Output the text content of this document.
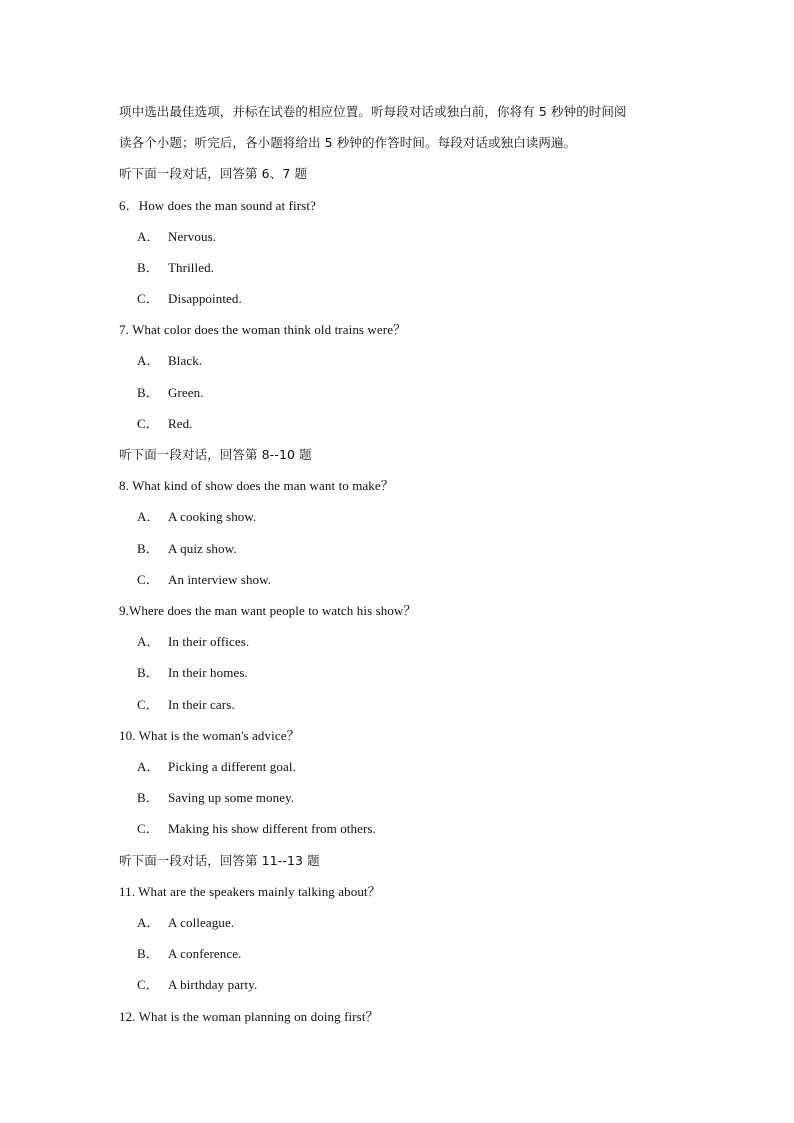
项中选出最佳选项，并标在试卷的相应位置。听每段对话或独白前，你将有 5 秒钟的时间阅
读各个小题；听完后，各小题将给出 5 秒钟的作答时间。每段对话或独白读两遍。
听下面一段对话，回答第 6、7 题
6．How does the man sound at first?
A． Nervous.
B． Thrilled.
C． Disappointed.
7. What color does the woman think old trains were？
A． Black.
B． Green.
C． Red.
听下面一段对话，回答第 8--10 题
8. What kind of show does the man want to make？
A． A cooking show.
B． A quiz show.
C． An interview show.
9.Where does the man want people to watch his show？
A． In their offices.
B． In their homes.
C． In their cars.
10. What is the woman's advice？
A． Picking a different goal.
B． Saving up some money.
C． Making his show different from others.
听下面一段对话，回答第 11--13 题
11. What are the speakers mainly talking about？
A． A colleague.
B． A conference.
C． A birthday party.
12. What is the woman planning on doing first？
